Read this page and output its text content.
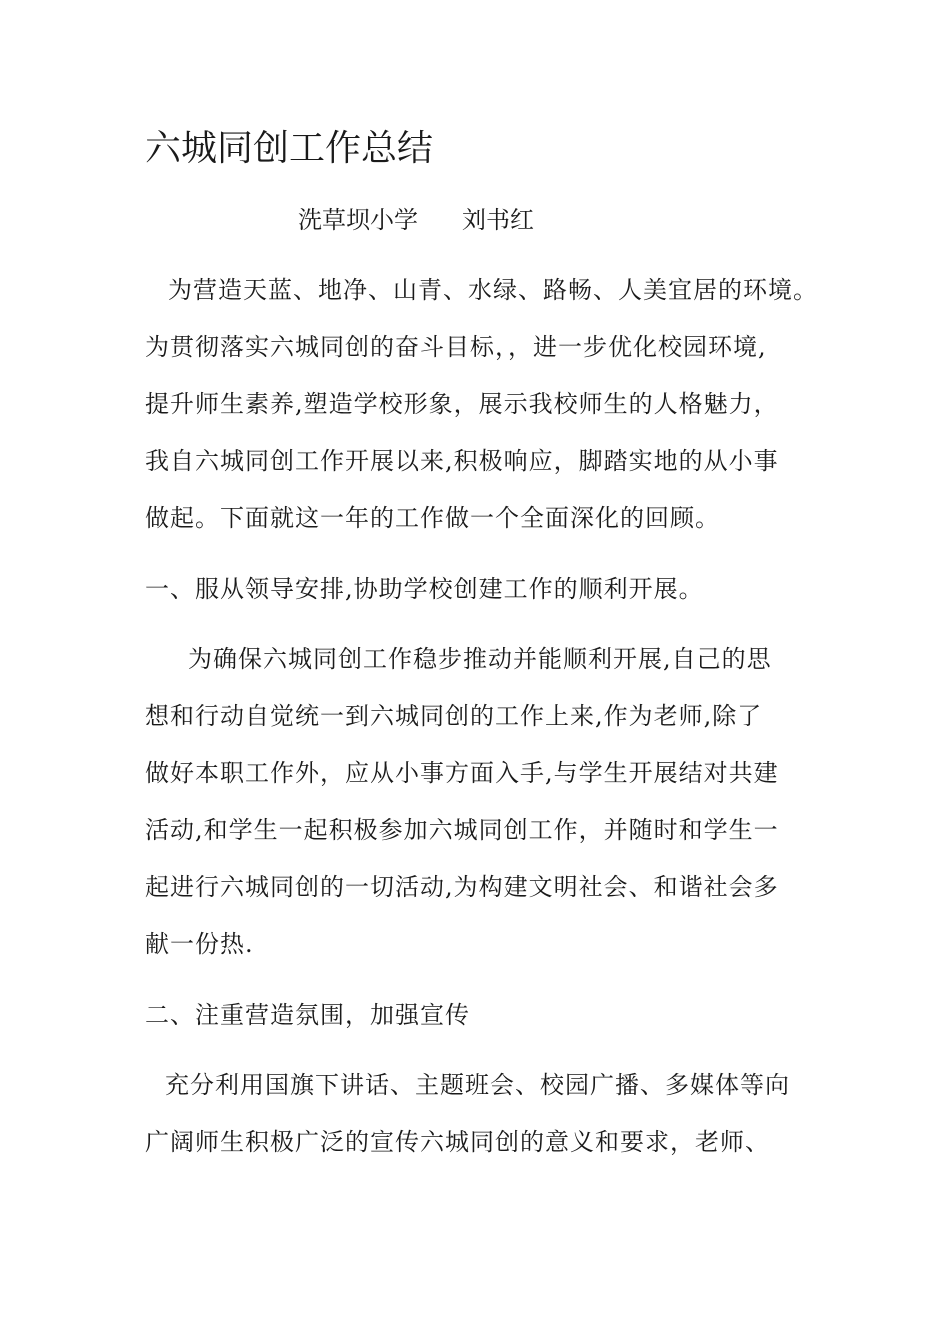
六城同创工作总结
洗草坝小学 刘书红
为营造天蓝、地净、山青、水绿、路畅、人美宜居的环境。
为贯彻落实六城同创的奋斗目标，，进一步优化校园环境,
提升师生素养,塑造学校形象，展示我校师生的人格魅力，
我自六城同创工作开展以来,积极响应，脚踏实地的从小事
做起。下面就这一年的工作做一个全面深化的回顾。
一、服从领导安排,协助学校创建工作的顺利开展。
为确保六城同创工作稳步推动并能顺利开展,自己的思
想和行动自觉统一到六城同创的工作上来,作为老师,除了
做好本职工作外，应从小事方面入手,与学生开展结对共建
活动,和学生一起积极参加六城同创工作，并随时和学生一
起进行六城同创的一切活动,为构建文明社会、和谐社会多
献一份热.
二、注重营造氛围，加强宣传
充分利用国旗下讲话、主题班会、校园广播、多媒体等向
广阔师生积极广泛的宣传六城同创的意义和要求，老师、
